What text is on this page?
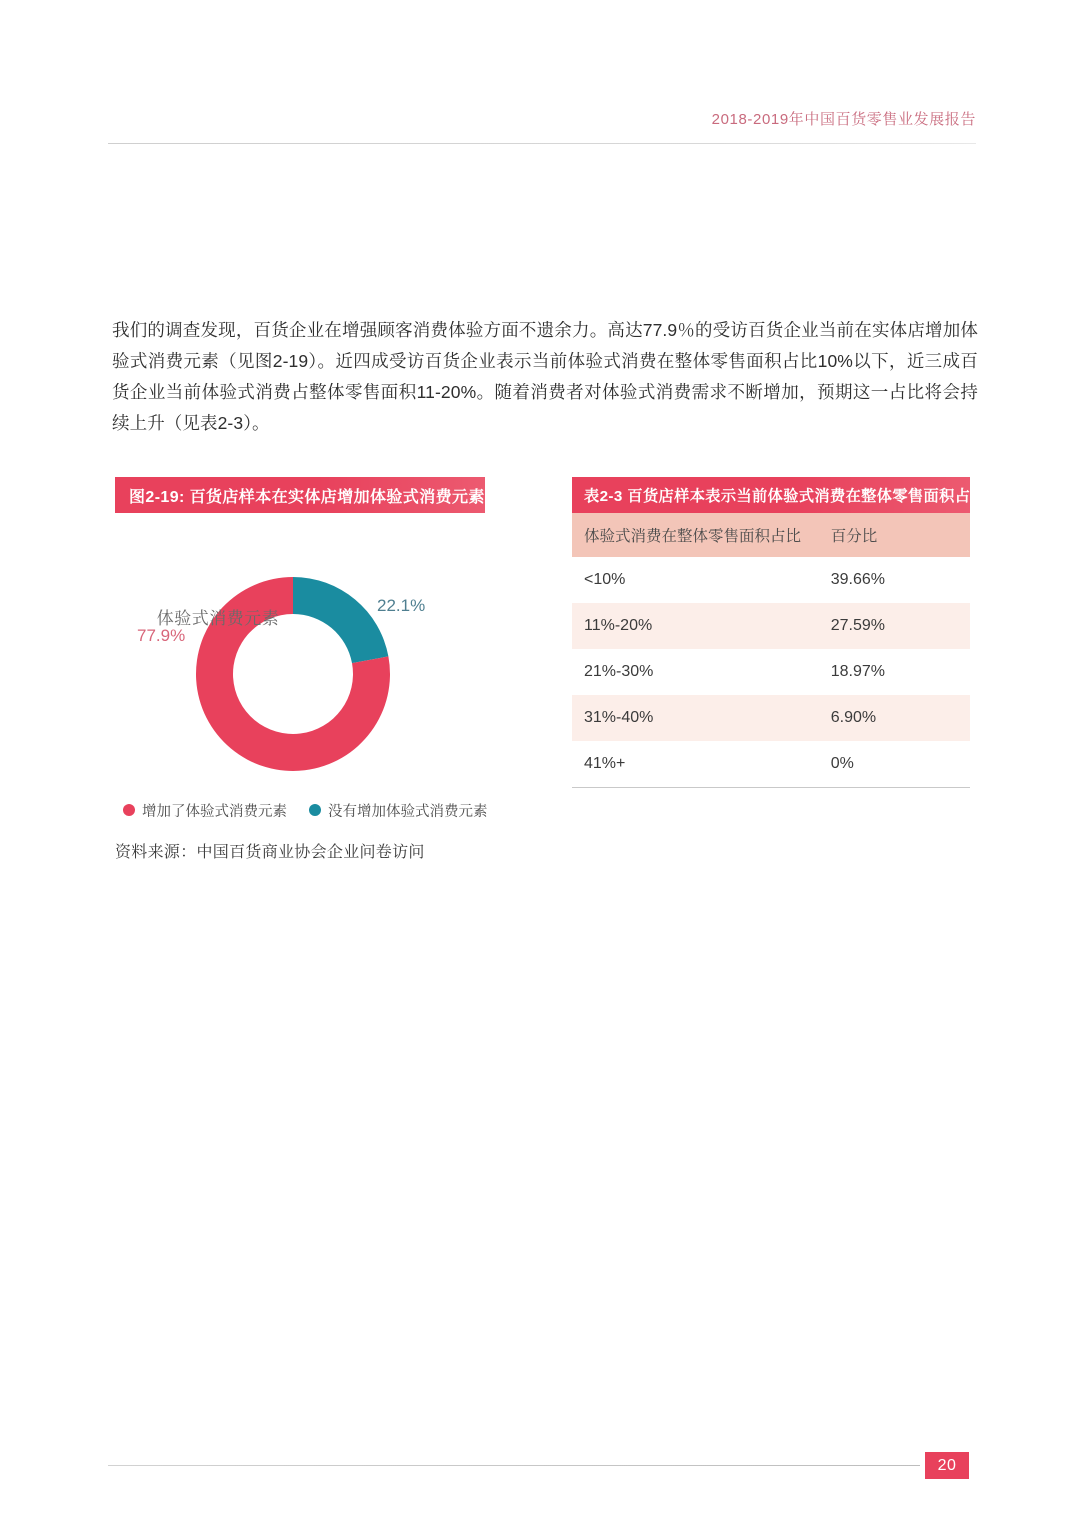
2018-2019年中国百货零售业发展报告

我们的调查发现，百货企业在增强顾客消费体验方面不遗余力。高达77.9％的受访百货企业当前在实体店增加体验式消费元素（见图2-19）。近四成受访百货企业表示当前体验式消费在整体零售面积占比10%以下，近三成百货企业当前体验式消费占整体零售面积11-20%。随着消费者对体验式消费需求不断增加，预期这一占比将会持续上升（见表2-3）。

图2-19: 百货店样本在实体店增加体验式消费元素情况
体验式消费元素
77.9%
22.1%
增加了体验式消费元素	没有增加体验式消费元素
资料来源：中国百货商业协会企业问卷访问
表2-3 百货店样本表示当前体验式消费在整体零售面积占比
体验式消费在整体零售面积占比	百分比
<10%	39.66%
11%-20%	27.59%
21%-30%	18.97%
31%-40%	6.90%
41%+	0%
20
